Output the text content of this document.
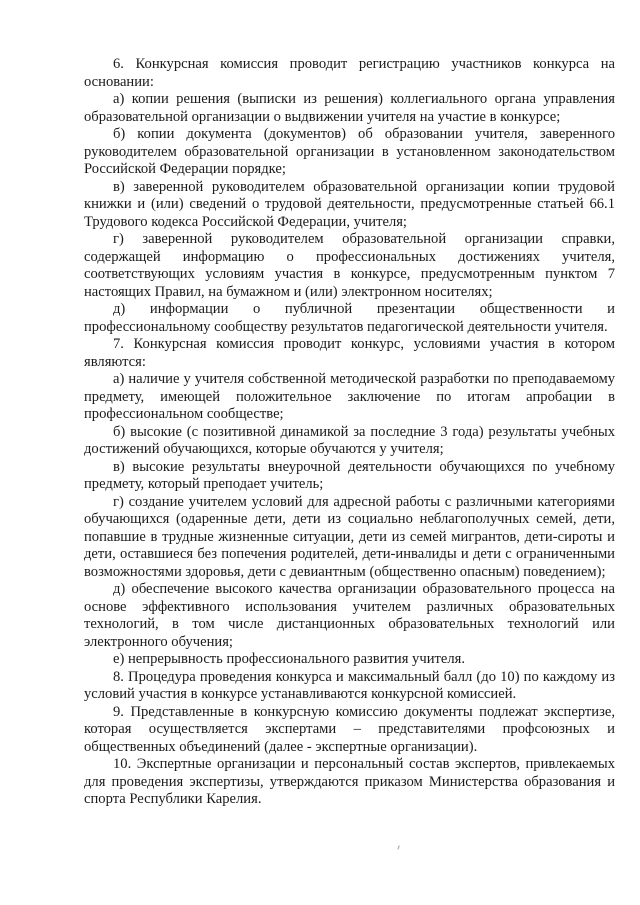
6. Конкурсная комиссия проводит регистрацию участников конкурса на основании:

а) копии решения (выписки из решения) коллегиального органа управления образовательной организации о выдвижении учителя на участие в конкурсе;

б) копии документа (документов) об образовании учителя, заверенного руководителем образовательной организации в установленном законодательством Российской Федерации порядке;

в) заверенной руководителем образовательной организации копии трудовой книжки и (или) сведений о трудовой деятельности, предусмотренные статьей 66.1 Трудового кодекса Российской Федерации, учителя;

г) заверенной руководителем образовательной организации справки, содержащей информацию о профессиональных достижениях учителя, соответствующих условиям участия в конкурсе, предусмотренным пунктом 7 настоящих Правил, на бумажном и (или) электронном носителях;

д) информации о публичной презентации общественности и профессиональному сообществу результатов педагогической деятельности учителя.

7. Конкурсная комиссия проводит конкурс, условиями участия в котором являются:

а) наличие у учителя собственной методической разработки по преподаваемому предмету, имеющей положительное заключение по итогам апробации в профессиональном сообществе;

б) высокие (с позитивной динамикой за последние 3 года) результаты учебных достижений обучающихся, которые обучаются у учителя;

в) высокие результаты внеурочной деятельности обучающихся по учебному предмету, который преподает учитель;

г) создание учителем условий для адресной работы с различными категориями обучающихся (одаренные дети, дети из социально неблагополучных семей, дети, попавшие в трудные жизненные ситуации, дети из семей мигрантов, дети-сироты и дети, оставшиеся без попечения родителей, дети-инвалиды и дети с ограниченными возможностями здоровья, дети с девиантным (общественно опасным) поведением);

д) обеспечение высокого качества организации образовательного процесса на основе эффективного использования учителем различных образовательных технологий, в том числе дистанционных образовательных технологий или электронного обучения;

е) непрерывность профессионального развития учителя.

8. Процедура проведения конкурса и максимальный балл (до 10) по каждому из условий участия в конкурсе устанавливаются конкурсной комиссией.

9. Представленные в конкурсную комиссию документы подлежат экспертизе, которая осуществляется экспертами – представителями профсоюзных и общественных объединений (далее - экспертные организации).

10. Экспертные организации и персональный состав экспертов, привлекаемых для проведения экспертизы, утверждаются приказом Министерства образования и спорта Республики Карелия.
